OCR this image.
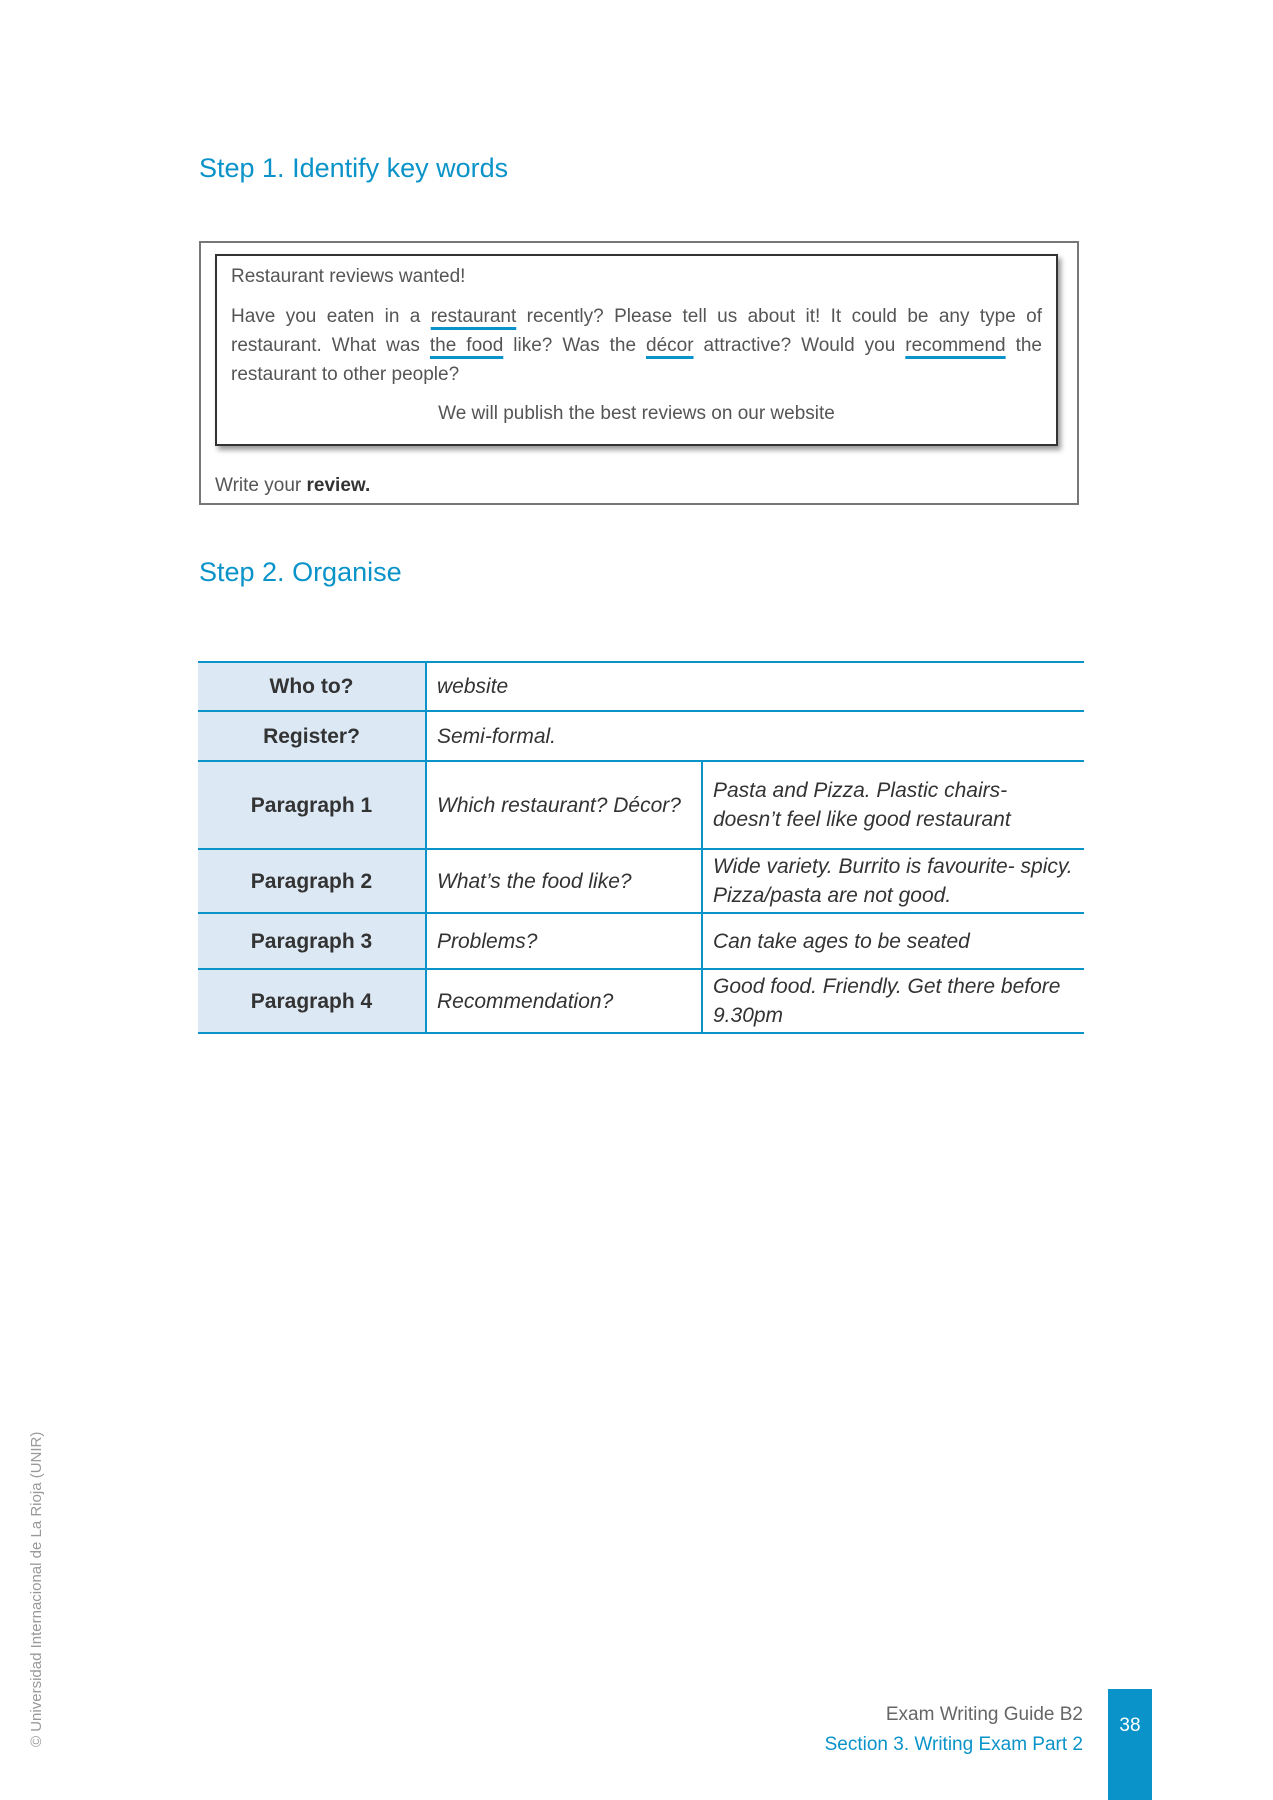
Step 1. Identify key words

Restaurant reviews wanted!

Have you eaten in a restaurant recently? Please tell us about it! It could be any type of restaurant. What was the food like? Was the décor attractive? Would you recommend the restaurant to other people?

We will publish the best reviews on our website

Write your review.
Step 2. Organise
Who to?	website	
Register?	Semi-formal.	
Paragraph 1	Which restaurant? Décor?	Pasta and Pizza. Plastic chairs- doesn’t feel like good restaurant
Paragraph 2	What’s the food like?	Wide variety. Burrito is favourite- spicy. Pizza/pasta are not good.
Paragraph 3	Problems?	Can take ages to be seated
Paragraph 4	Recommendation?	Good food. Friendly. Get there before 9.30pm
© Universidad Internacional de La Rioja (UNIR)	Exam Writing Guide B2
Section 3. Writing Exam Part 2
38
